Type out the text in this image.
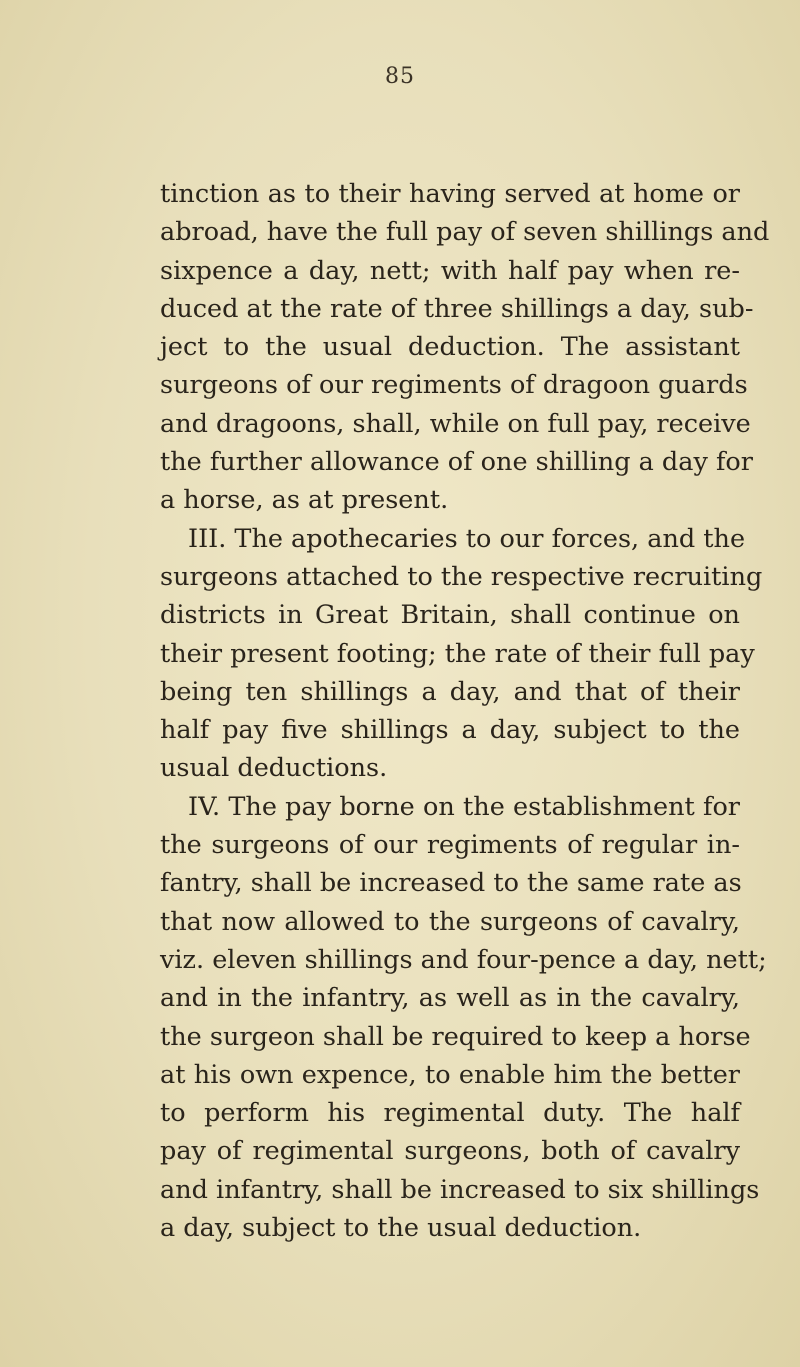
85
tinction as to their having served at home or
abroad, have the full pay of seven shillings and
sixpence a day, nett; with half pay when re-
duced at the rate of three shillings a day, sub-
ject to the usual deduction. The assistant
surgeons of our regiments of dragoon guards
and dragoons, shall, while on full pay, receive
the further allowance of one shilling a day for
a horse, as at present.
III. The apothecaries to our forces, and the
surgeons attached to the respective recruiting
districts in Great Britain, shall continue on
their present footing; the rate of their full pay
being ten shillings a day, and that of their
half pay five shillings a day, subject to the
usual deductions.
IV. The pay borne on the establishment for
the surgeons of our regiments of regular in-
fantry, shall be increased to the same rate as
that now allowed to the surgeons of cavalry,
viz. eleven shillings and four-pence a day, nett;
and in the infantry, as well as in the cavalry,
the surgeon shall be required to keep a horse
at his own expence, to enable him the better
to perform his regimental duty. The half
pay of regimental surgeons, both of cavalry
and infantry, shall be increased to six shillings
a day, subject to the usual deduction.
